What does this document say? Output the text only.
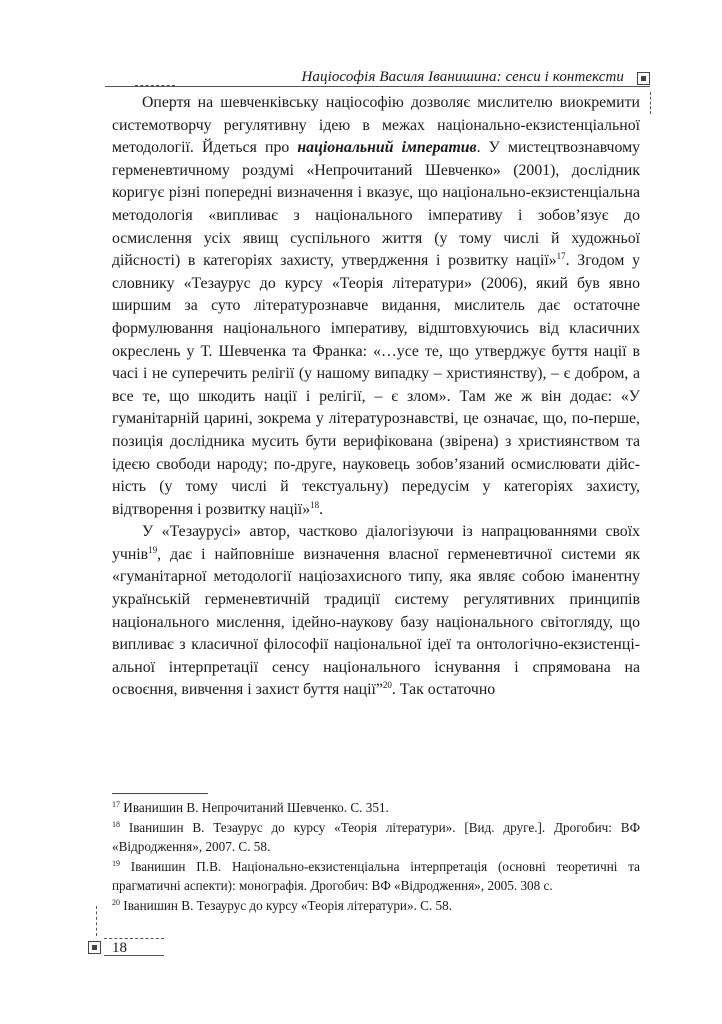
Націософія Василя Іванишина: сенси і контексти

Опертя на шевченківську націософію дозволяє мислителю виокремити системотворчу регулятивну ідею в межах національно-екзистенціальної методології. Йдеться про національний імператив. У мистецтвознавчому герменевтичному роздумі «Непрочитаний Шевченко» (2001), дослідник коригує різні попередні визначення і вказує, що національно-екзистенціальна методологія «випливає з національного імперативу і зобов’язує до осмислення усіх явищ суспільного життя (у тому числі й художньої дійсності) в категоріях захисту, утвердження і розвитку нації»$^{17}$. Згодом у словнику «Тезаурус до курсу «Теорія літератури» (2006), який був явно ширшим за суто літературознавче видання, мислитель дає остаточне формулювання національного імперативу, відштовхуючись від класичних окреслень у Т. Шевченка та Франка: «…усе те, що утверджує буття нації в часі і не суперечить релігії (у нашому випадку – християнству), – є добром, а все те, що шкодить нації і релігії, – є злом». Там же ж він додає: «У гуманітарній царині, зокрема у літературознавстві, це означає, що, по-перше, позиція дослідника мусить бути верифікована (звірена) з християнством та ідеєю свободи народу; по-друге, науковець зобов’язаний осмислювати дійсність (у тому числі й текстуальну) передусім у категоріях захисту, відтворення і розвитку нації»$^{18}$.

У «Тезаурусі» автор, частково діалогізуючи із напрацюваннями своїх учнів$^{19}$, дає і найповніше визначення власної герменевтичної системи як «гуманітарної методології націозахисного типу, яка являє собою іманентну українській герменевтичній традиції систему регулятивних принципів національного мислення, ідейно-наукову базу національного світогляду, що випливає з класичної філософії національної ідеї та онтологічно-екзистенціальної інтерпретації сенсу національного існування і спрямована на освоєння, вивчення і захист буття нації”$^{20}$. Так остаточно

$^{17}$ Иванишин В. Непрочитаний Шевченко. С. 351.

$^{18}$ Іванишин В. Тезаурус до курсу «Теорія літератури». [Вид. друге.]. Дрогобич: ВФ «Відродження», 2007. С. 58.

$^{19}$ Іванишин П.В. Національно-екзистенціальна інтерпретація (основні теоретичні та прагматичні аспекти): монографія. Дрогобич: ВФ «Відродження», 2005. 308 с.

$^{20}$ Іванишин В. Тезаурус до курсу «Теорія літератури». С. 58.

18
